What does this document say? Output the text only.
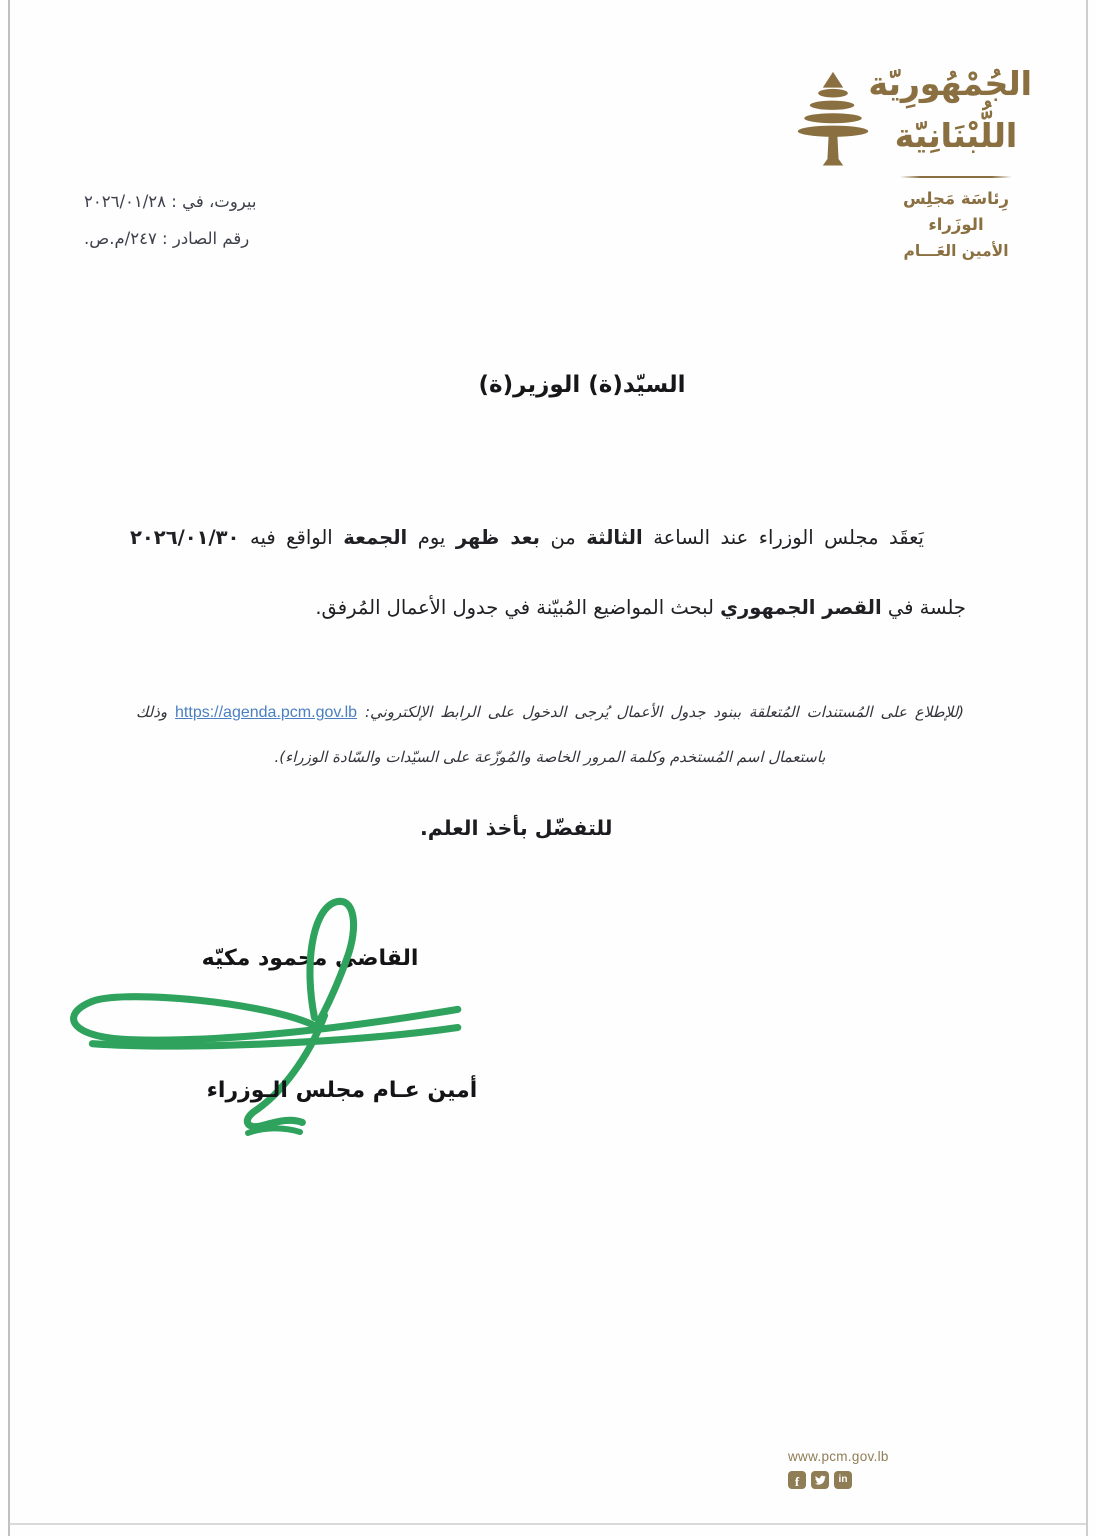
الجُمْهُورِيّة
اللُّبْنَانِيّة
رِئاسَة مَجلِس الوزَراء
الأمين العَـــام
بيروت، في : ٢٠٢٦/٠١/٢٨
رقم الصادر : ٢٤٧/م.ص.
السيّد(ة) الوزير(ة)
يَعقَد مجلس الوزراء عند الساعة الثالثة من بعد ظهر يوم الجمعة الواقع فيه ٢٠٢٦/٠١/٣٠
جلسة في القصر الجمهوري لبحث المواضيع المُبيّنة في جدول الأعمال المُرفق.
(للإطلاع على المُستندات المُتعلقة ببنود جدول الأعمال يُرجى الدخول على الرابط الإلكتروني: https://agenda.pcm.gov.lb وذلك
باستعمال اسم المُستخدم وكلمة المرور الخاصة والمُوزّعة على السيّدات والسّادة الوزراء).
للتفضّل بأخذ العلم.
القاضي محمود مكيّه
أمين عـام مجلس الـوزراء
www.pcm.gov.lb
f	in
